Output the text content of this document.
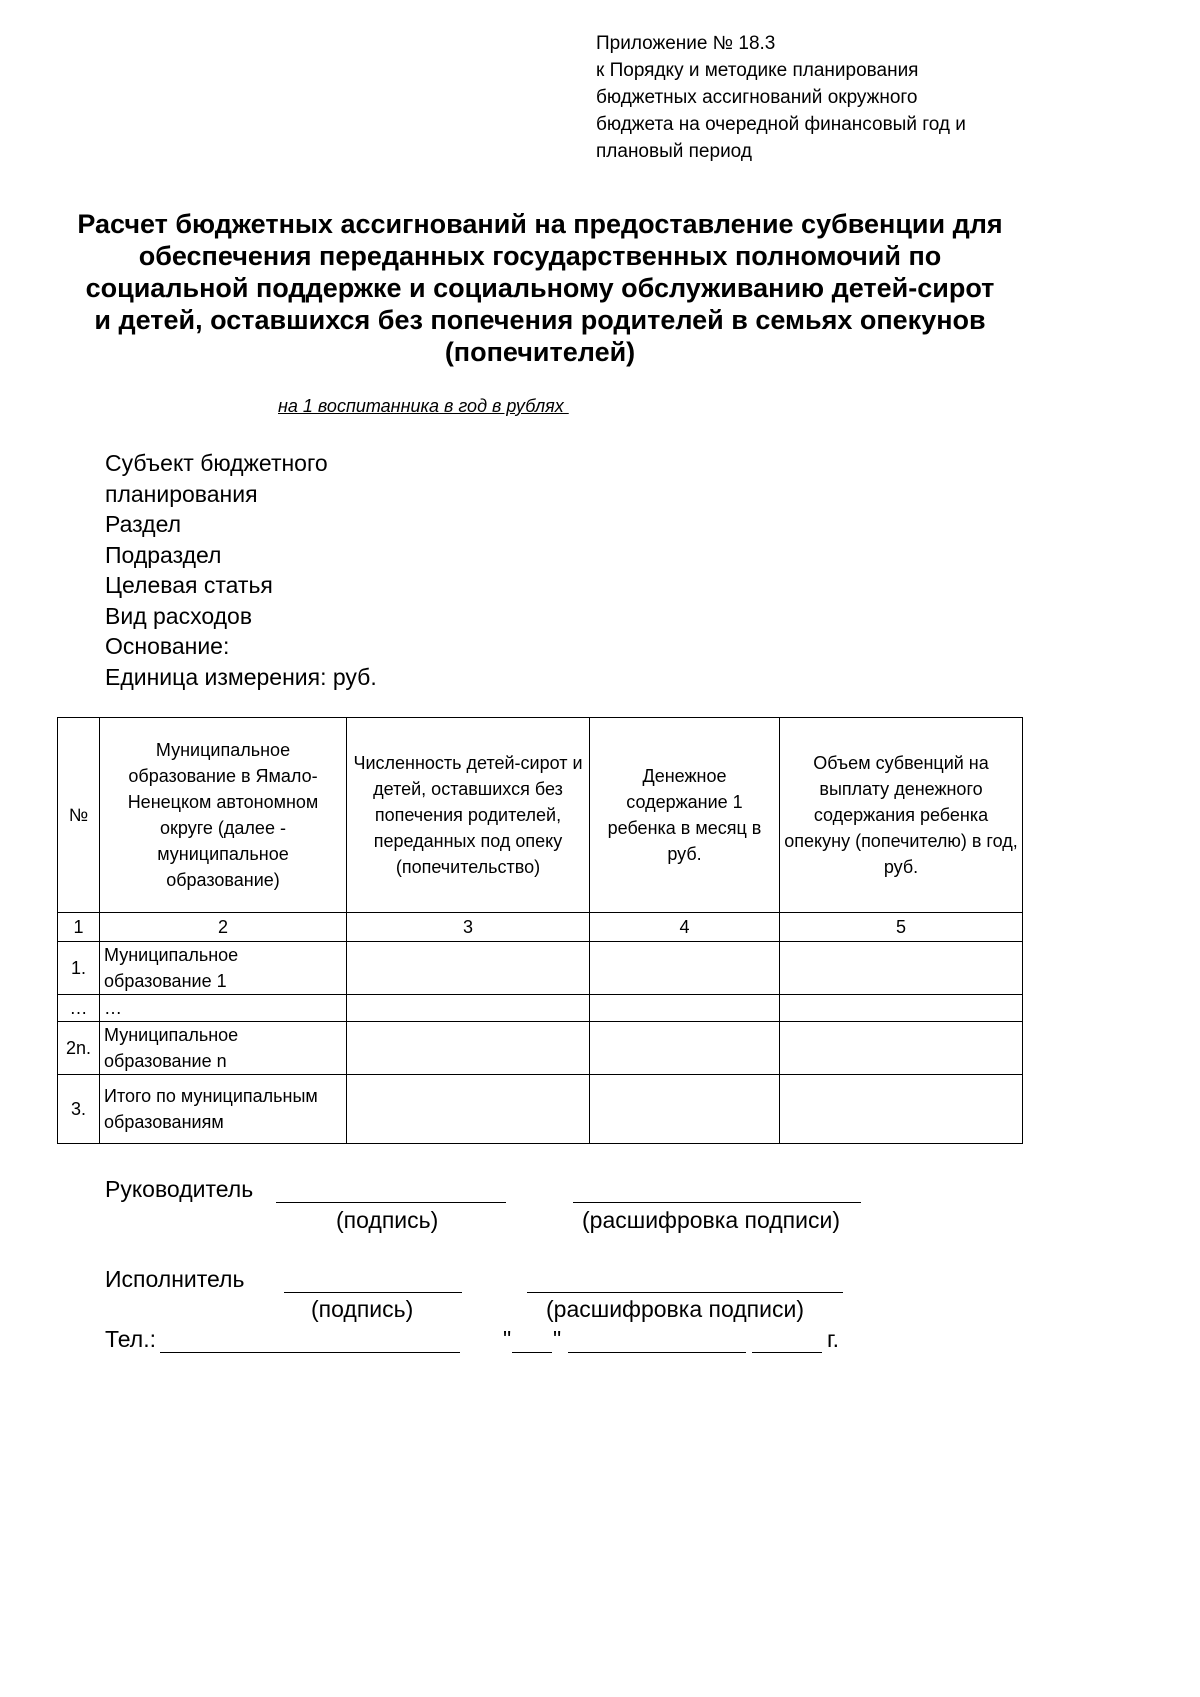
Приложение № 18.3
к Порядку и методике планирования
бюджетных ассигнований окружного
бюджета на очередной финансовый год и
плановый период
Расчет бюджетных ассигнований на предоставление субвенции для
обеспечения переданных государственных полномочий по
социальной поддержке и социальному обслуживанию детей-сирот
и детей, оставшихся без попечения родителей в семьях опекунов
(попечителей)
на 1 воспитанника в год в рублях
Субъект бюджетного
планирования
Раздел
Подраздел
Целевая статья
Вид расходов
Основание:
Единица измерения: руб.
№	Муниципальное образование в Ямало-Ненецком автономном округе (далее - муниципальное образование)	Численность детей-сирот и детей, оставшихся без попечения родителей, переданных под опеку (попечительство)	Денежное содержание 1 ребенка в месяц в руб.	Объем субвенций на выплату денежного содержания ребенка опекуну (попечителю) в год, руб.
1	2	3	4	5
1.	Муниципальное образование 1			
…	…			
2n.	Муниципальное образование n			
3.	Итого по муниципальным образованиям			
Руководитель
(подпись)	(расшифровка подписи)
Исполнитель
(подпись)	(расшифровка подписи)
Тел.:	" "	г.
